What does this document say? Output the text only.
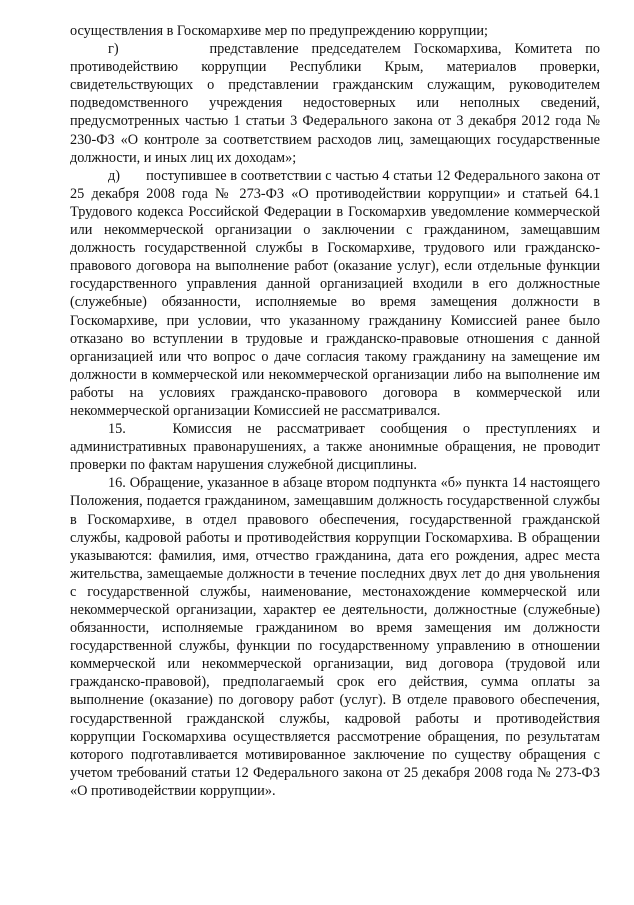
осуществления в Госкомархиве мер по предупреждению коррупции;

г)       представление председателем Госкомархива, Комитета по противодействию коррупции Республики Крым, материалов проверки, свидетельствующих о представлении гражданским служащим, руководителем подведомственного учреждения недостоверных или неполных сведений, предусмотренных частью 1 статьи 3 Федерального закона от 3 декабря 2012 года № 230-ФЗ «О контроле за соответствием расходов лиц, замещающих государственные должности, и иных лиц их доходам»;

д)       поступившее в соответствии с частью 4 статьи 12 Федерального закона от 25 декабря 2008 года № 273-ФЗ «О противодействии коррупции» и статьей 64.1 Трудового кодекса Российской Федерации в Госкомархив уведомление коммерческой или некоммерческой организации о заключении с гражданином, замещавшим должность государственной службы в Госкомархиве, трудового или гражданско-правового договора на выполнение работ (оказание услуг), если отдельные функции государственного управления данной организацией входили в его должностные (служебные) обязанности, исполняемые во время замещения должности в Госкомархиве, при условии, что указанному гражданину Комиссией ранее было отказано во вступлении в трудовые и гражданско-правовые отношения с данной организацией или что вопрос о даче согласия такому гражданину на замещение им должности в коммерческой или некоммерческой организации либо на выполнение им работы на условиях гражданско-правового договора в коммерческой или некоммерческой организации Комиссией не рассматривался.

15.   Комиссия не рассматривает сообщения о преступлениях и административных правонарушениях, а также анонимные обращения, не проводит проверки по фактам нарушения служебной дисциплины.

16. Обращение, указанное в абзаце втором подпункта «б» пункта 14 настоящего Положения, подается гражданином, замещавшим должность государственной службы в Госкомархиве, в отдел правового обеспечения, государственной гражданской службы, кадровой работы и противодействия коррупции Госкомархива. В обращении указываются: фамилия, имя, отчество гражданина, дата его рождения, адрес места жительства, замещаемые должности в течение последних двух лет до дня увольнения с государственной службы, наименование, местонахождение коммерческой или некоммерческой организации, характер ее деятельности, должностные (служебные) обязанности, исполняемые гражданином во время замещения им должности государственной службы, функции по государственному управлению в отношении коммерческой или некоммерческой организации, вид договора (трудовой или гражданско-правовой), предполагаемый срок его действия, сумма оплаты за выполнение (оказание) по договору работ (услуг). В отделе правового обеспечения, государственной гражданской службы, кадровой работы и противодействия коррупции Госкомархива осуществляется рассмотрение обращения, по результатам которого подготавливается мотивированное заключение по существу обращения с учетом требований статьи 12 Федерального закона от 25 декабря 2008 года № 273-ФЗ «О противодействии коррупции».
